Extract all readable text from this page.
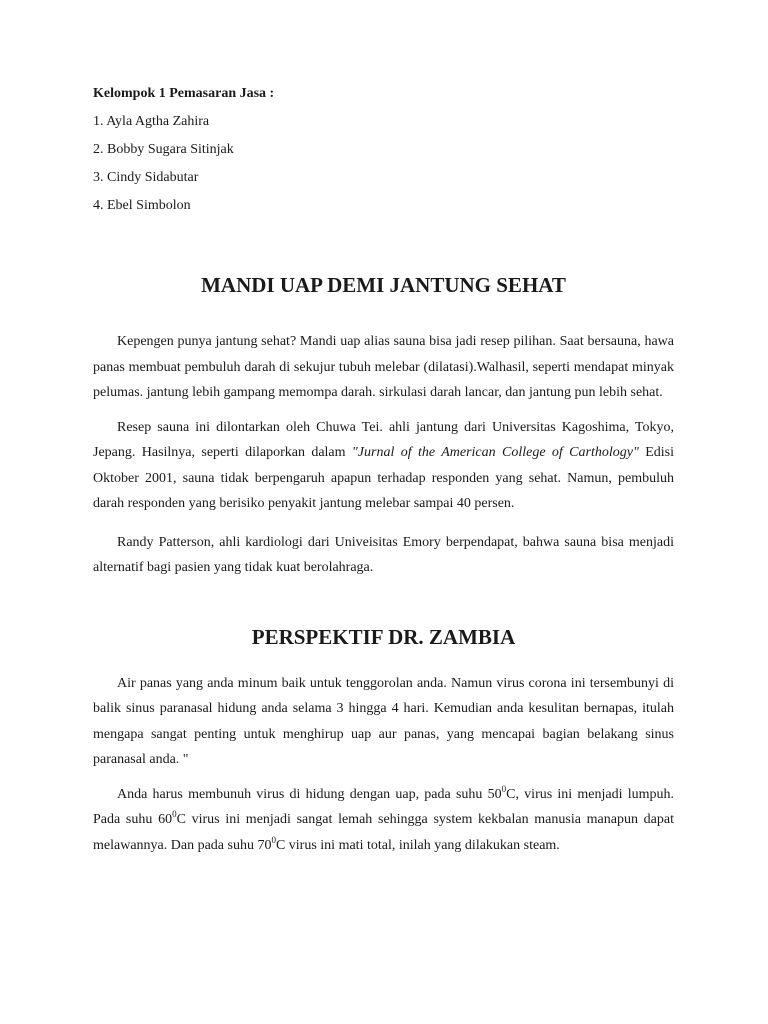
Kelompok 1 Pemasaran Jasa :

1. Ayla Agtha Zahira
2. Bobby Sugara Sitinjak
3. Cindy Sidabutar
4. Ebel Simbolon
MANDI UAP DEMI JANTUNG SEHAT

Kepengen punya jantung sehat? Mandi uap alias sauna bisa jadi resep pilihan. Saat bersauna, hawa panas membuat pembuluh darah di sekujur tubuh melebar (dilatasi).Walhasil, seperti mendapat minyak pelumas. jantung lebih gampang memompa darah. sirkulasi darah lancar, dan jantung pun lebih sehat.

Resep sauna ini dilontarkan oleh Chuwa Tei. ahli jantung dari Universitas Kagoshima, Tokyo, Jepang. Hasilnya, seperti dilaporkan dalam "Jurnal of the American College of Carthology" Edisi Oktober 2001, sauna tidak berpengaruh apapun terhadap responden yang sehat. Namun, pembuluh darah responden yang berisiko penyakit jantung melebar sampai 40 persen.

Randy Patterson, ahli kardiologi dari Univeisitas Emory berpendapat, bahwa sauna bisa menjadi alternatif bagi pasien yang tidak kuat berolahraga.

PERSPEKTIF DR. ZAMBIA

Air panas yang anda minum baik untuk tenggorolan anda. Namun virus corona ini tersembunyi di balik sinus paranasal hidung anda selama 3 hingga 4 hari. Kemudian anda kesulitan bernapas, itulah mengapa sangat penting untuk menghirup uap aur panas, yang mencapai bagian belakang sinus paranasal anda. "

Anda harus membunuh virus di hidung dengan uap, pada suhu $50^0C$, virus ini menjadi lumpuh. Pada suhu $60^0C$ virus ini menjadi sangat lemah sehingga system kekbalan manusia manapun dapat melawannya. Dan pada suhu $70^0C$ virus ini mati total, inilah yang dilakukan steam.
